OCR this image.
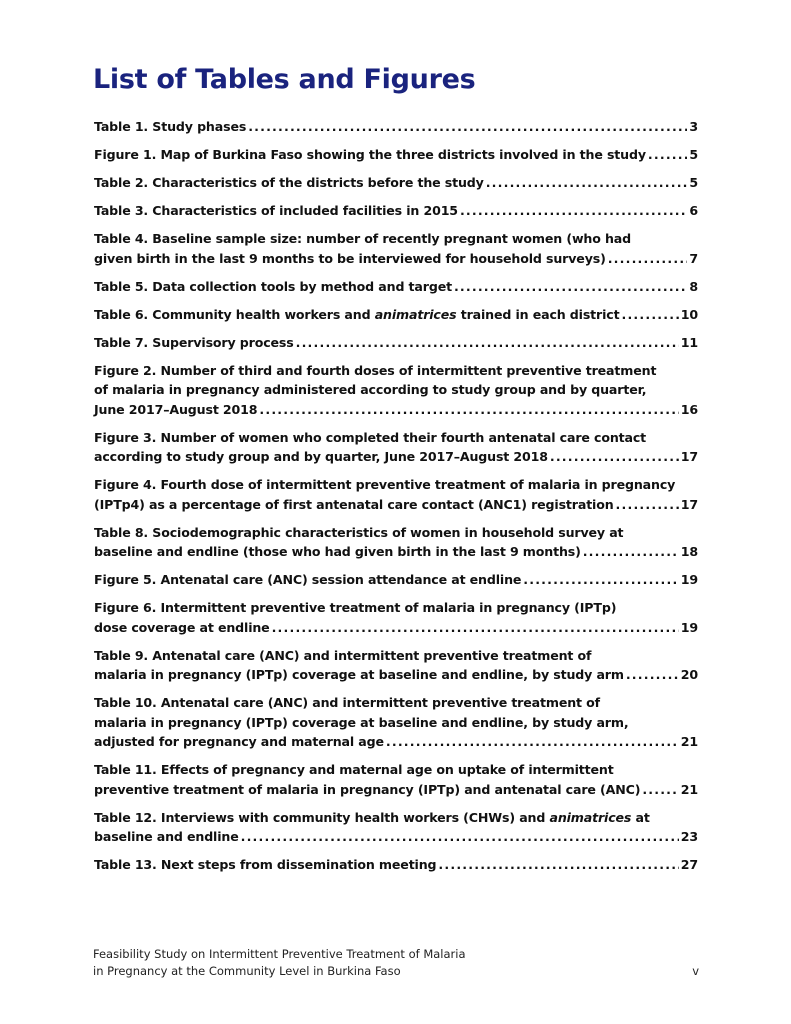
List of Tables and Figures
Table 1. Study phases . . .	3
Figure 1. Map of Burkina Faso showing the three districts involved in the study . . .	5
Table 2. Characteristics of the districts before the study . . .	5
Table 3. Characteristics of included facilities in 2015 . . .	6
Table 4. Baseline sample size: number of recently pregnant women (who had
given birth in the last 9 months to be interviewed for household surveys) . . .	7
Table 5. Data collection tools by method and target . . .	8
Table 6. Community health workers and animatrices trained in each district . . .	10
Table 7. Supervisory process . . .	11
Figure 2. Number of third and fourth doses of intermittent preventive treatment
of malaria in pregnancy administered according to study group and by quarter,
June 2017–August 2018 . . .	16
Figure 3. Number of women who completed their fourth antenatal care contact
according to study group and by quarter, June 2017–August 2018 . . .	17
Figure 4. Fourth dose of intermittent preventive treatment of malaria in pregnancy
(IPTp4) as a percentage of first antenatal care contact (ANC1) registration . . .	17
Table 8. Sociodemographic characteristics of women in household survey at
baseline and endline (those who had given birth in the last 9 months) . . .	18
Figure 5. Antenatal care (ANC) session attendance at endline . . .	19
Figure 6. Intermittent preventive treatment of malaria in pregnancy (IPTp)
dose coverage at endline . . .	19
Table 9. Antenatal care (ANC) and intermittent preventive treatment of
malaria in pregnancy (IPTp) coverage at baseline and endline, by study arm . . .	20
Table 10. Antenatal care (ANC) and intermittent preventive treatment of
malaria in pregnancy (IPTp) coverage at baseline and endline, by study arm,
adjusted for pregnancy and maternal age . . .	21
Table 11. Effects of pregnancy and maternal age on uptake of intermittent
preventive treatment of malaria in pregnancy (IPTp) and antenatal care (ANC) . . .	21
Table 12. Interviews with community health workers (CHWs) and animatrices at
baseline and endline . . .	23
Table 13. Next steps from dissemination meeting . . .	27
Feasibility Study on Intermittent Preventive Treatment of Malaria
in Pregnancy at the Community Level in Burkina Faso	v
